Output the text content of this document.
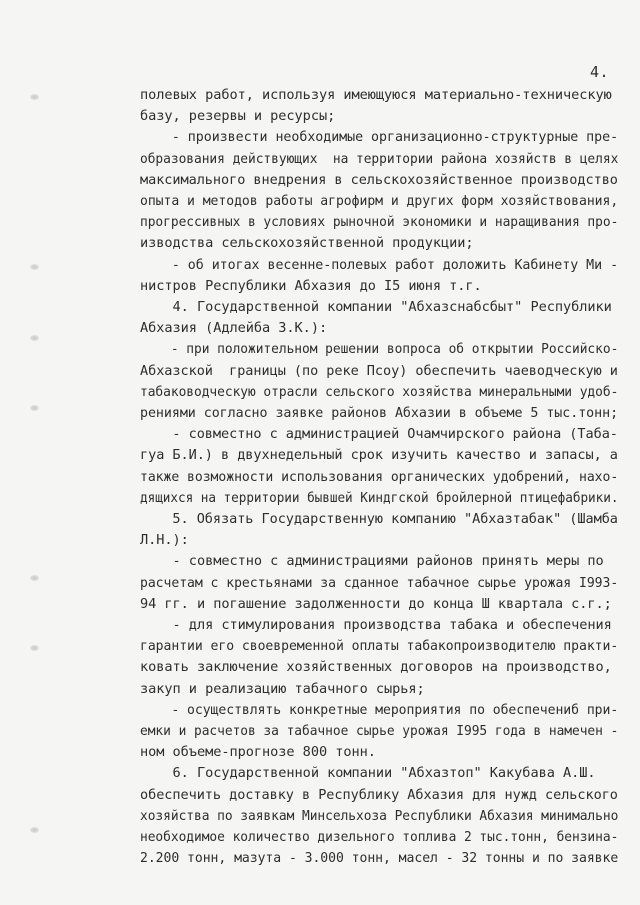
4.
полевых работ, используя имеющуюся материально-техническую
базу, резервы и ресурсы;
- произвести необходимые организационно-структурные пре-
образования действующих  на территории района хозяйств в целях
максимального внедрения в сельскохозяйственное производство
опыта и методов работы агрофирм и других форм хозяйствования,
прогрессивных в условиях рыночной экономики и наращивания про-
изводства сельскохозяйственной продукции;
- об итогах весенне-полевых работ доложить Кабинету Ми -
нистров Республики Абхазия до I5 июня т.г.
4. Государственной компании "Абхазснабсбыт" Республики
Абхазия (Адлейба З.К.):
- при положительном решении вопроса об открытии Российско-
Абхазской  границы (по реке Псоу) обеспечить чаеводческую и
табаководческую отрасли сельского хозяйства минеральными удоб-
рениями согласно заявке районов Абхазии в объеме 5 тыс.тонн;
- совместно с администрацией Очамчирского района (Таба-
гуа Б.И.) в двухнедельный срок изучить качество и запасы, а
также возможности использования органических удобрений, нахо-
дящихся на территории бывшей Киндгской бройлерной птицефабрики.
5. Обязать Государственную компанию "Абхазтабак" (Шамба
Л.Н.):
- совместно с администрациями районов принять меры по
расчетам с крестьянами за сданное табачное сырье урожая I993-
94 гг. и погашение задолженности до конца Ш квартала с.г.;
- для стимулирования производства табака и обеспечения
гарантии его своевременной оплаты табакопроизводителю практи-
ковать заключение хозяйственных договоров на производство,
закуп и реализацию табачного сырья;
- осуществлять конкретные мероприятия по обеспечениб при-
емки и расчетов за табачное сырье урожая I995 года в намечен -
ном объеме-прогнозе 800 тонн.
6. Государственной компании "Абхазтоп" Какубава А.Ш.
обеспечить доставку в Республику Абхазия для нужд сельского
хозяйства по заявкам Минсельхоза Республики Абхазия минимально
необходимое количество дизельного топлива 2 тыс.тонн, бензина-
2.200 тонн, мазута - 3.000 тонн, масел - 32 тонны и по заявке
